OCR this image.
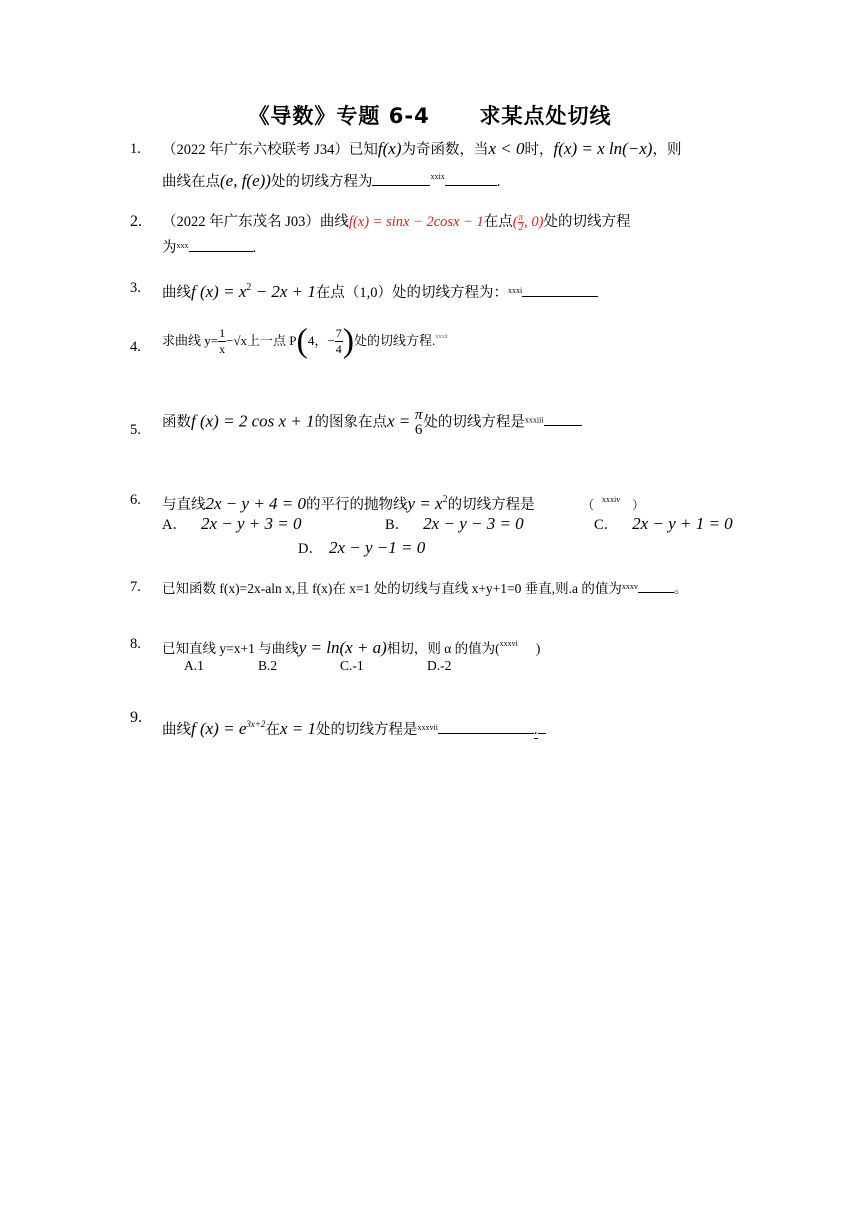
《导数》专题 6-4      求某点处切线
1. （2022 年广东六校联考 J34）已知f(x)为奇函数，当x < 0时，f(x) = x ln(−x)，则
曲线在点(e, f(e))处的切线方程为	$^{xxix}$	.
2. （2022 年广东茂名 J03）曲线f(x) = sinx − 2cosx − 1在点( $\frac{\pi}{2}$ , 0)处的切线方程
为$^{xxx}$	.
3. 曲线f $(x) = x^2 - 2x + 1$在点（1,0）处的切线方程为：$^{xxxi}$
4. 求曲线 $y= \frac{1}{x} -√x$上一点 P(4，− $\frac{7}{4}$ )处的切线方程.$^{xxxii}$
5. 函数f (x) = 2 cos x + 1的图象在点x = π
6 处的切线方程是$^{xxxiii}$
6. 与直线2x − y + 4 = 0的平行的抛物线$y = x^2$的切线方程是	（ $^{xxxiv}$ ）
A． 2x − y + 3 = 0	B． 2x − y − 3 = 0	C． 2x − y + 1 = 0
D． 2x − y −1 = 0
7. 已知函数 f(x)=2x-aln x,且 f(x)在 x=1 处的切线与直线 x+y+1=0 垂直,则.a 的值为$^{xxxv}$	。
8. 已知直线 y=x+1 与曲线y = ln(x + a)相切，则 α 的值为($^{xxxvi}$ )
A.1	B.2	C.-1	D.-2
9.
曲线f $(x) = e^{3x+2}$在x = 1处的切线方程是$^{xxxvii}$	.
